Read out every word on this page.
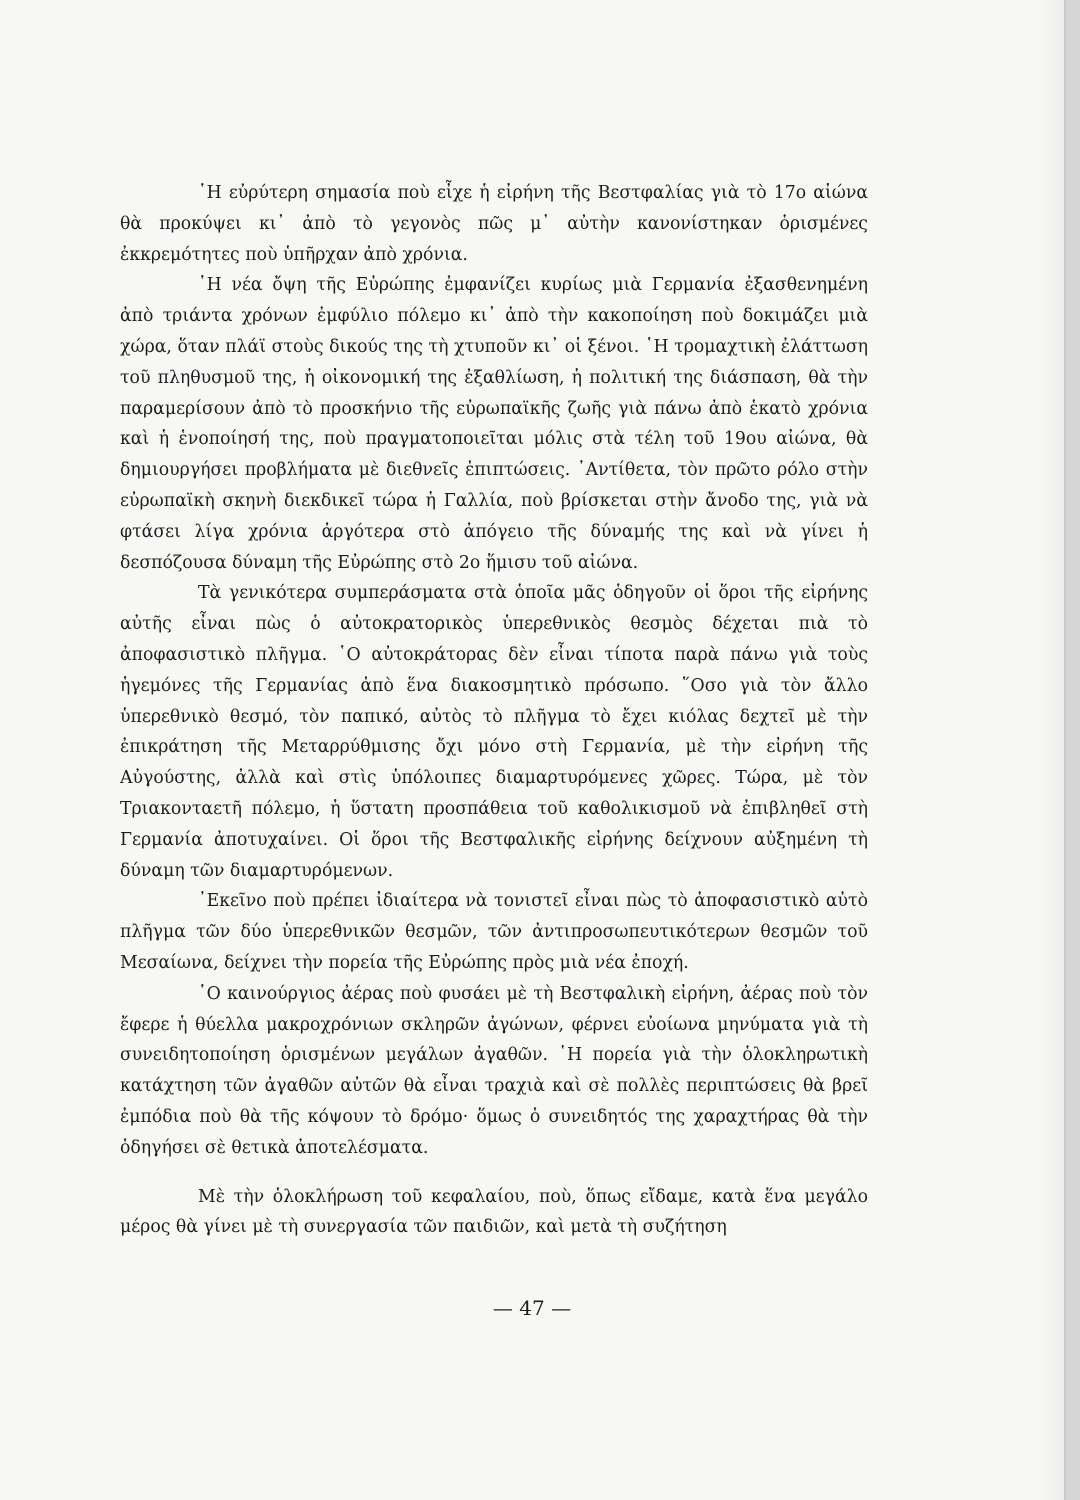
῾Η εὐρύτερη σημασία ποὺ εἶχε ἡ εἰρήνη τῆς Βεστφαλίας γιὰ τὸ 17ο αἰώνα θὰ προκύψει κι᾽ ἀπὸ τὸ γεγονὸς πῶς μ᾽ αὐτὴν κανονίστηκαν ὁρισμένες ἐκκρεμότητες ποὺ ὑπῆρχαν ἀπὸ χρόνια.

῾Η νέα ὄψη τῆς Εὐρώπης ἐμφανίζει κυρίως μιὰ Γερμανία ἐξασθενημένη ἀπὸ τριάντα χρόνων ἐμφύλιο πόλεμο κι᾽ ἀπὸ τὴν κακοποίηση ποὺ δοκιμάζει μιὰ χώρα, ὅταν πλάϊ στοὺς δικούς της τὴ χτυποῦν κι᾽ οἱ ξένοι. ῾Η τρομαχτικὴ ἐλάττωση τοῦ πληθυσμοῦ της, ἡ οἰκονομική της ἐξαθλίωση, ἡ πολιτική της διάσπαση, θὰ τὴν παραμερίσουν ἀπὸ τὸ προσκήνιο τῆς εὐρωπαϊκῆς ζωῆς γιὰ πάνω ἀπὸ ἑκατὸ χρόνια καὶ ἡ ἑνοποίησή της, ποὺ πραγματοποιεῖται μόλις στὰ τέλη τοῦ 19ου αἰώνα, θὰ δημιουργήσει προβλήματα μὲ διεθνεῖς ἐπιπτώσεις. ᾿Αντίθετα, τὸν πρῶτο ρόλο στὴν εὐρωπαϊκὴ σκηνὴ διεκδικεῖ τώρα ἡ Γαλλία, ποὺ βρίσκεται στὴν ἄνοδο της, γιὰ νὰ φτάσει λίγα χρόνια ἀργότερα στὸ ἀπόγειο τῆς δύναμής της καὶ νὰ γίνει ἡ δεσπόζουσα δύναμη τῆς Εὐρώπης στὸ 2ο ἥμισυ τοῦ αἰώνα.

Τὰ γενικότερα συμπεράσματα στὰ ὁποῖα μᾶς ὁδηγοῦν οἱ ὅροι τῆς εἰρήνης αὐτῆς εἶναι πὼς ὁ αὐτοκρατορικὸς ὑπερεθνικὸς θεσμὸς δέχεται πιὰ τὸ ἀποφασιστικὸ πλῆγμα. ῾Ο αὐτοκράτορας δὲν εἶναι τίποτα παρὰ πάνω γιὰ τοὺς ἡγεμόνες τῆς Γερμανίας ἀπὸ ἕνα διακοσμητικὸ πρόσωπο. ῞Οσο γιὰ τὸν ἄλλο ὑπερεθνικὸ θεσμό, τὸν παπικό, αὐτὸς τὸ πλῆγμα τὸ ἔχει κιόλας δεχτεῖ μὲ τὴν ἐπικράτηση τῆς Μεταρρύθμισης ὄχι μόνο στὴ Γερμανία, μὲ τὴν εἰρήνη τῆς Αὐγούστης, ἀλλὰ καὶ στὶς ὑπόλοιπες διαμαρτυρόμενες χῶρες. Τώρα, μὲ τὸν Τριακονταετῆ πόλεμο, ἡ ὕστατη προσπάθεια τοῦ καθολικισμοῦ νὰ ἐπιβληθεῖ στὴ Γερμανία ἀποτυχαίνει. Οἱ ὅροι τῆς Βεστφαλικῆς εἰρήνης δείχνουν αὐξημένη τὴ δύναμη τῶν διαμαρτυρόμενων.

᾿Εκεῖνο ποὺ πρέπει ἰδιαίτερα νὰ τονιστεῖ εἶναι πὼς τὸ ἀποφασιστικὸ αὐτὸ πλῆγμα τῶν δύο ὑπερεθνικῶν θεσμῶν, τῶν ἀντιπροσωπευτικότερων θεσμῶν τοῦ Μεσαίωνα, δείχνει τὴν πορεία τῆς Εὐρώπης πρὸς μιὰ νέα ἐποχή.

῾Ο καινούργιος ἀέρας ποὺ φυσάει μὲ τὴ Βεστφαλικὴ εἰρήνη, ἀέρας ποὺ τὸν ἔφερε ἡ θύελλα μακροχρόνιων σκληρῶν ἀγώνων, φέρνει εὐοίωνα μηνύματα γιὰ τὴ συνειδητοποίηση ὁρισμένων μεγάλων ἀγαθῶν. ῾Η πορεία γιὰ τὴν ὁλοκληρωτικὴ κατάχτηση τῶν ἀγαθῶν αὐτῶν θὰ εἶναι τραχιὰ καὶ σὲ πολλὲς περιπτώσεις θὰ βρεῖ ἐμπόδια ποὺ θὰ τῆς κόψουν τὸ δρόμο· ὅμως ὁ συνειδητός της χαραχτήρας θὰ τὴν ὁδηγήσει σὲ θετικὰ ἀποτελέσματα.

Μὲ τὴν ὁλοκλήρωση τοῦ κεφαλαίου, ποὺ, ὅπως εἴδαμε, κατὰ ἕνα μεγάλο μέρος θὰ γίνει μὲ τὴ συνεργασία τῶν παιδιῶν, καὶ μετὰ τὴ συζήτηση

— 47 —
